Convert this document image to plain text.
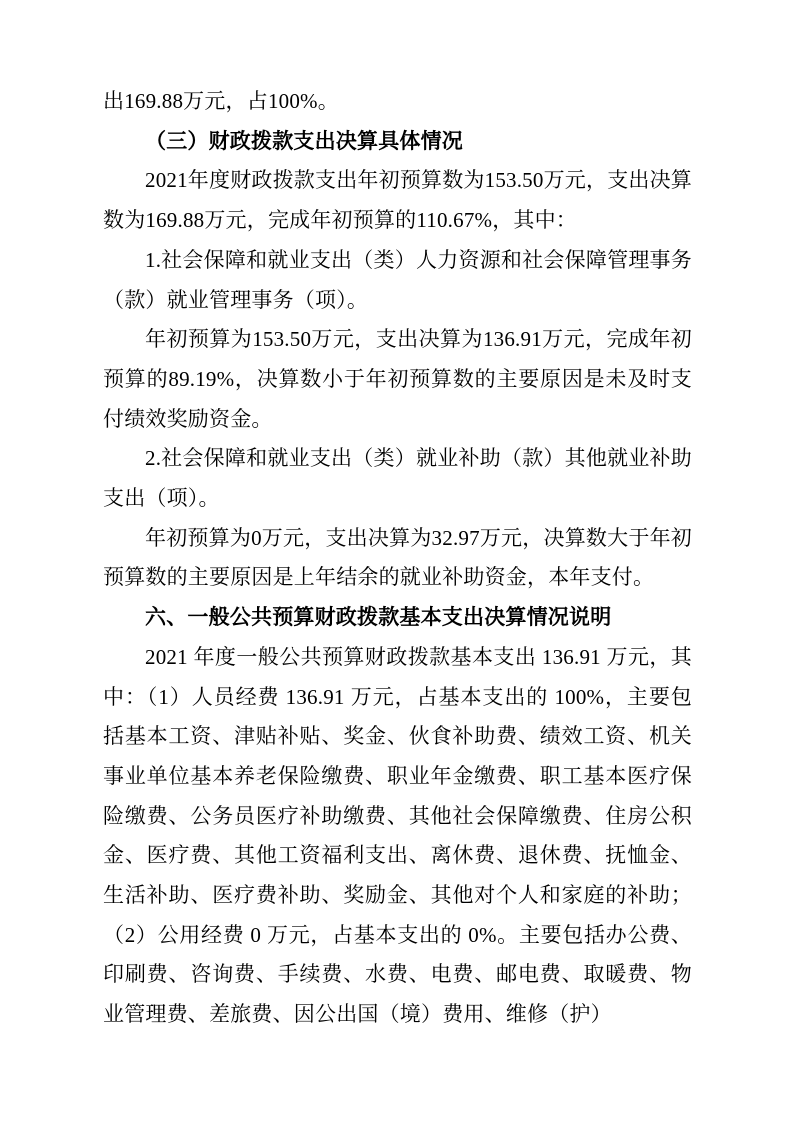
出169.88万元，占100%。

（三）财政拨款支出决算具体情况

2021年度财政拨款支出年初预算数为153.50万元，支出决算数为169.88万元，完成年初预算的110.67%，其中：

1.社会保障和就业支出（类）人力资源和社会保障管理事务（款）就业管理事务（项）。

年初预算为153.50万元，支出决算为136.91万元，完成年初预算的89.19%，决算数小于年初预算数的主要原因是未及时支付绩效奖励资金。

2.社会保障和就业支出（类）就业补助（款）其他就业补助支出（项）。

年初预算为0万元，支出决算为32.97万元，决算数大于年初预算数的主要原因是上年结余的就业补助资金，本年支付。

六、一般公共预算财政拨款基本支出决算情况说明

2021 年度一般公共预算财政拨款基本支出 136.91 万元，其中：（1）人员经费 136.91 万元，占基本支出的 100%，主要包括基本工资、津贴补贴、奖金、伙食补助费、绩效工资、机关事业单位基本养老保险缴费、职业年金缴费、职工基本医疗保险缴费、公务员医疗补助缴费、其他社会保障缴费、住房公积金、医疗费、其他工资福利支出、离休费、退休费、抚恤金、生活补助、医疗费补助、奖励金、其他对个人和家庭的补助；（2）公用经费 0 万元，占基本支出的 0%。主要包括办公费、印刷费、咨询费、手续费、水费、电费、邮电费、取暖费、物业管理费、差旅费、因公出国（境）费用、维修（护）
